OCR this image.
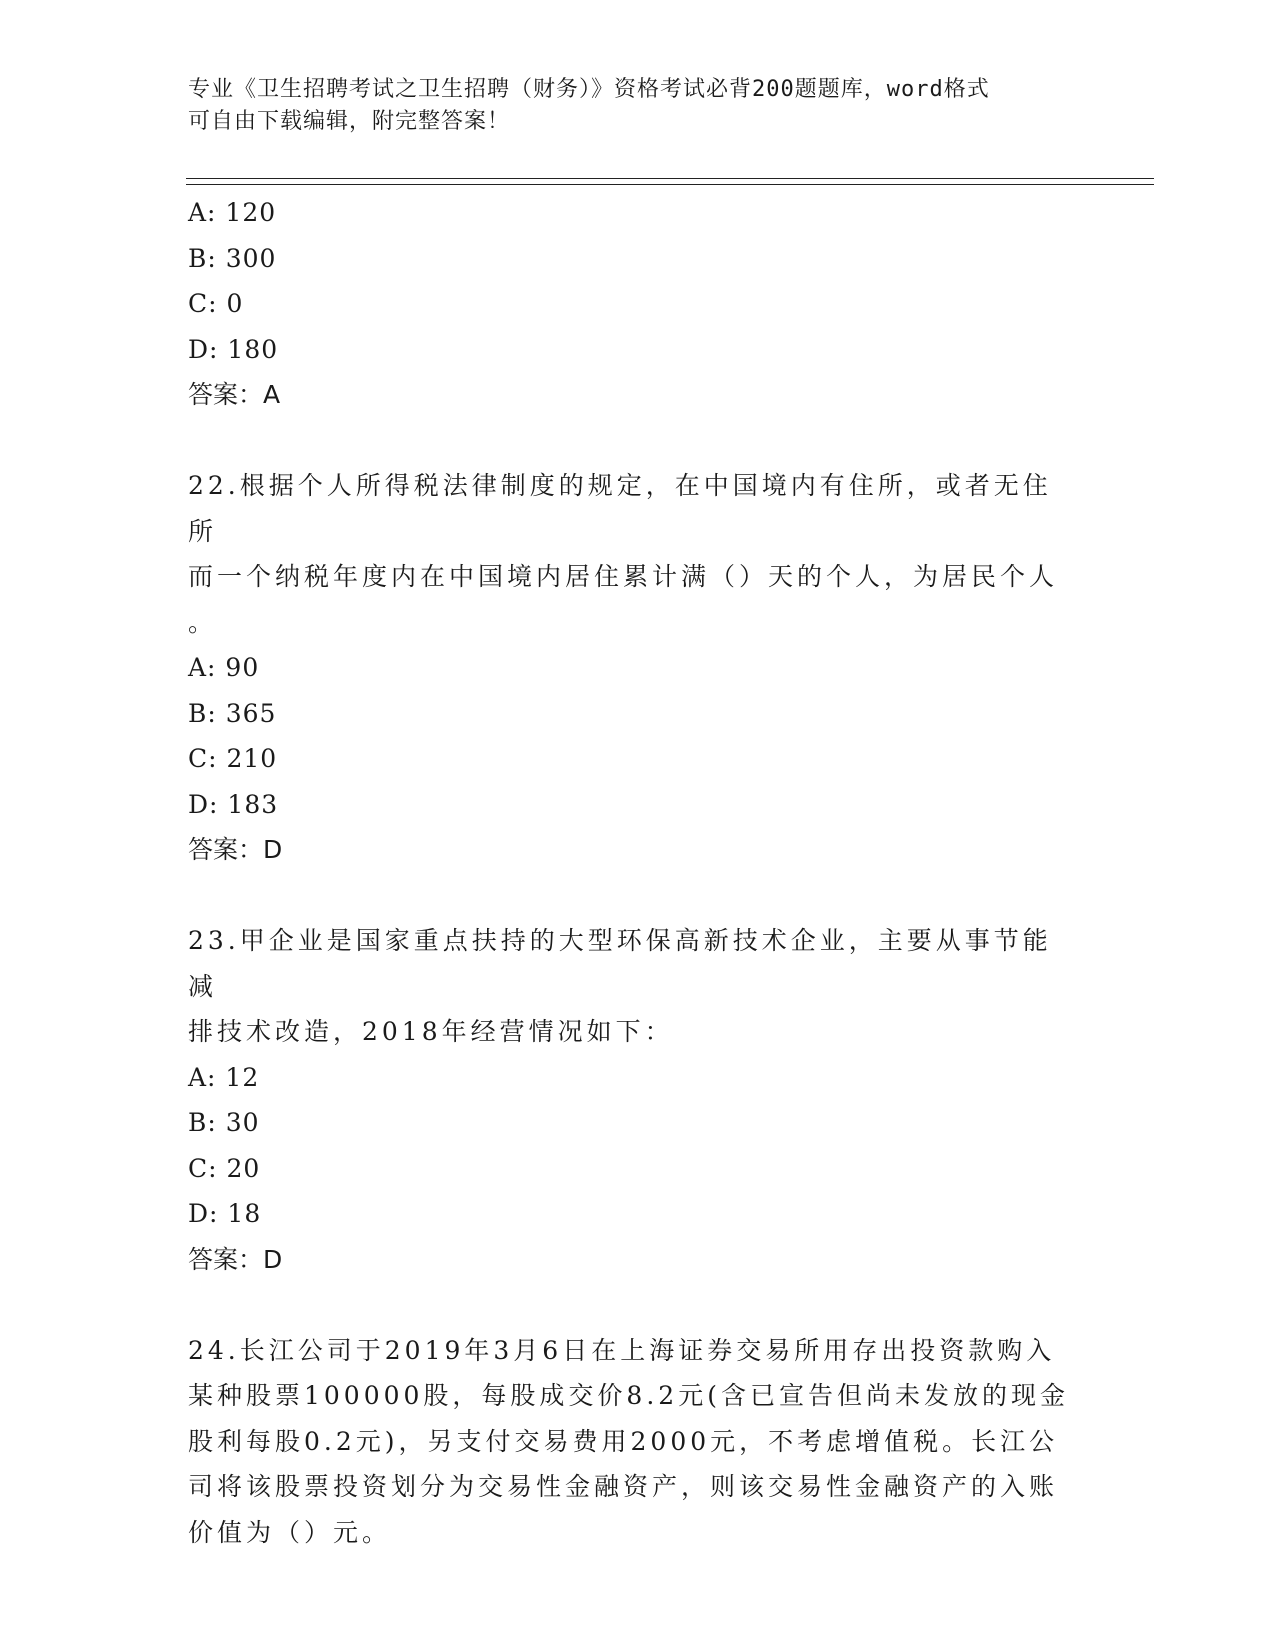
专业《卫生招聘考试之卫生招聘（财务）》资格考试必背200题题库，word格式
可自由下载编辑，附完整答案！
A: 120
B: 300
C: 0
D: 180
答案：A
22.根据个人所得税法律制度的规定，在中国境内有住所，或者无住所
而一个纳税年度内在中国境内居住累计满（）天的个人，为居民个人
。
A: 90
B: 365
C: 210
D: 183
答案：D
23.甲企业是国家重点扶持的大型环保高新技术企业，主要从事节能减
排技术改造，2018年经营情况如下：
A: 12
B: 30
C: 20
D: 18
答案：D
24.长江公司于2019年3月6日在上海证券交易所用存出投资款购入
某种股票100000股，每股成交价8.2元(含已宣告但尚未发放的现金
股利每股0.2元)，另支付交易费用2000元，不考虑增值税。长江公
司将该股票投资划分为交易性金融资产，则该交易性金融资产的入账
价值为（）元。
